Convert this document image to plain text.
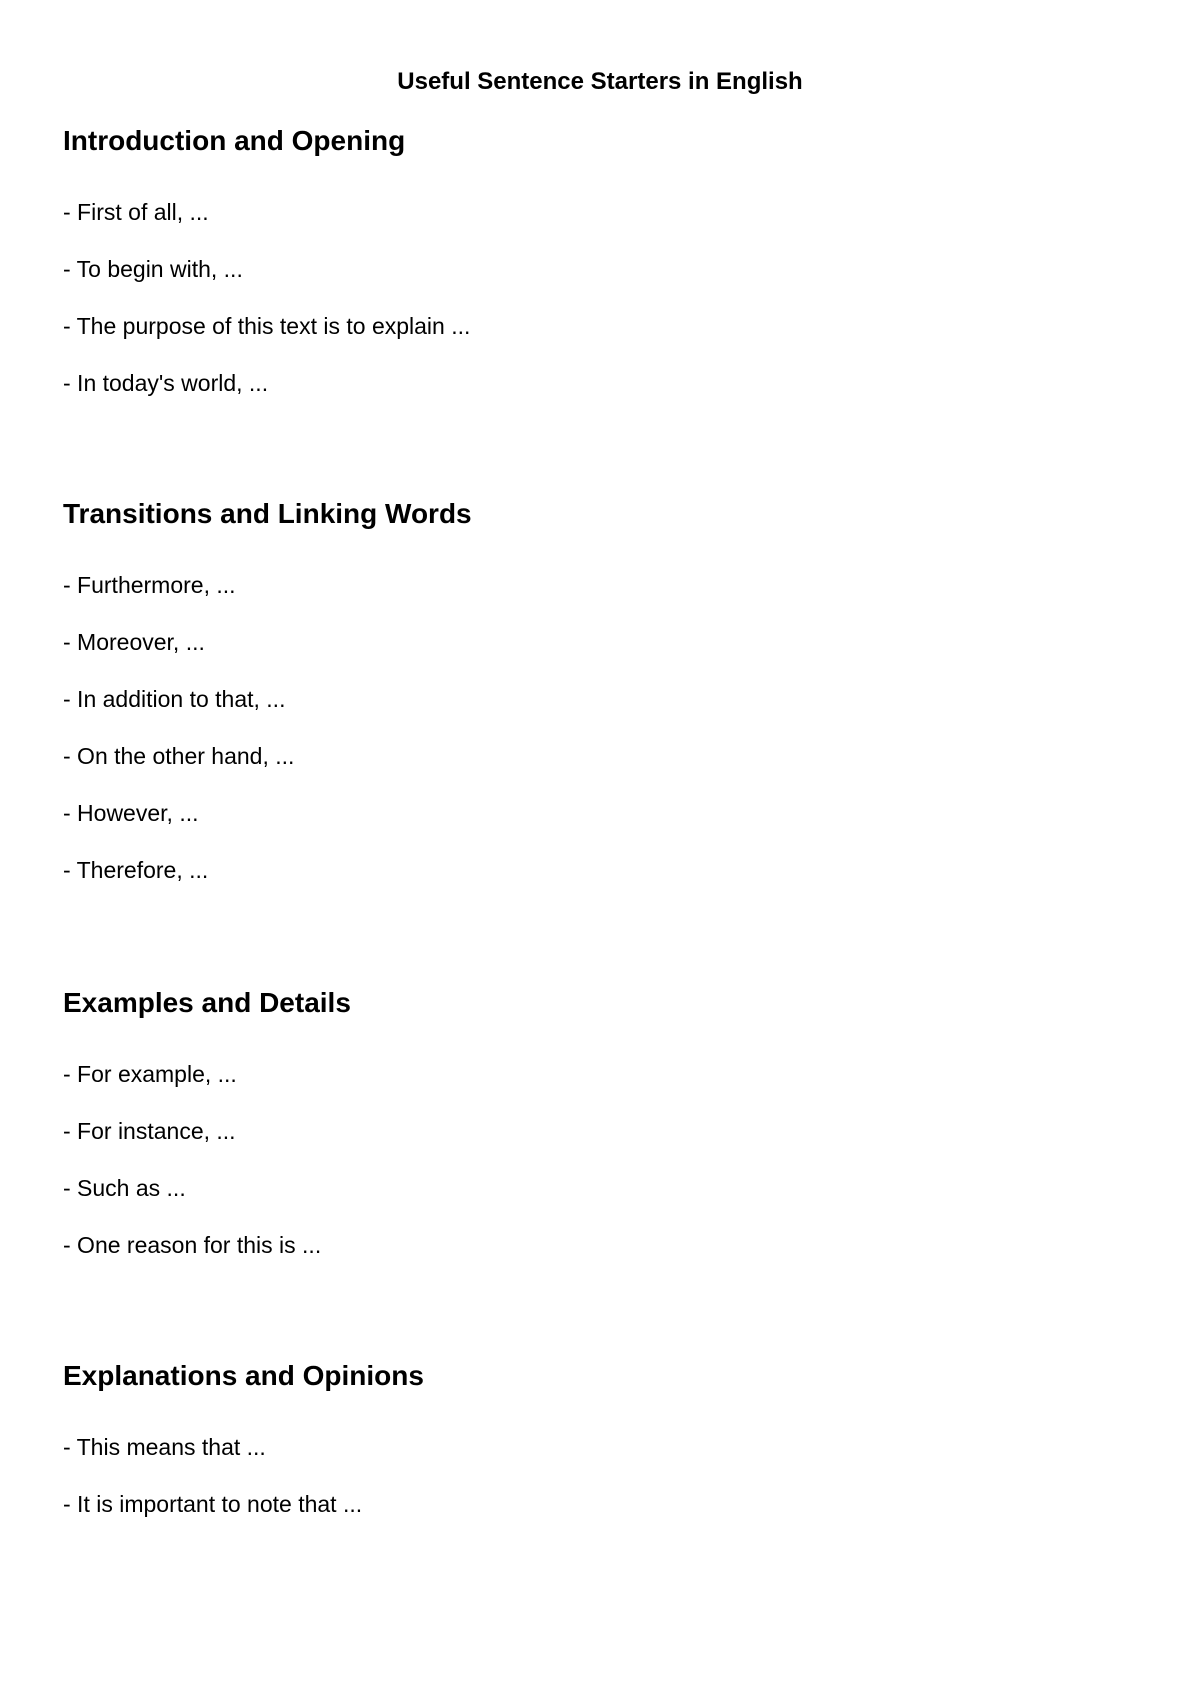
Useful Sentence Starters in English
Introduction and Opening
- First of all, ...
- To begin with, ...
- The purpose of this text is to explain ...
- In today's world, ...
Transitions and Linking Words
- Furthermore, ...
- Moreover, ...
- In addition to that, ...
- On the other hand, ...
- However, ...
- Therefore, ...
Examples and Details
- For example, ...
- For instance, ...
- Such as ...
- One reason for this is ...
Explanations and Opinions
- This means that ...
- It is important to note that ...
